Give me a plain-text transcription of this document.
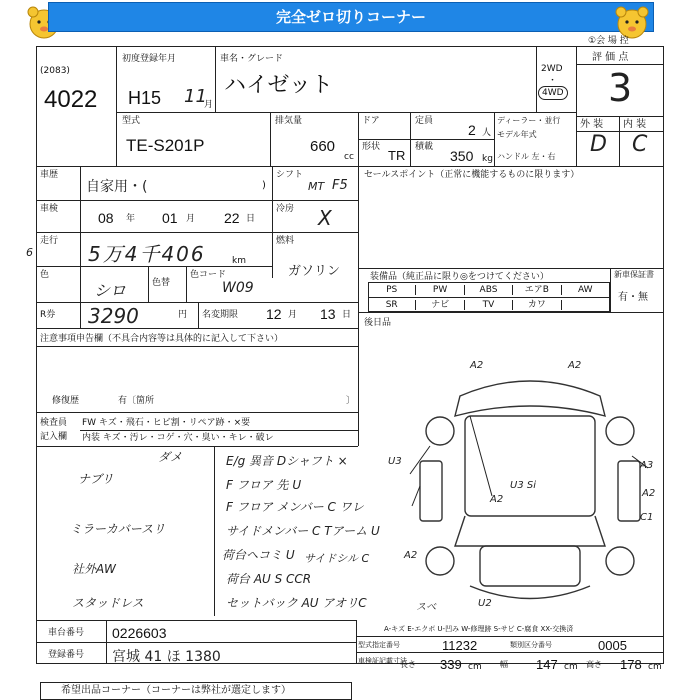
完全ゼロ切りコーナー
(2083)
4022
初度登録年月
H15 11
月
車名・グレード
ハイゼット
2WD
・
4WD
①会 場 控
評 価 点
3
外 装 内 装
D C
型式
TE-S201P
排気量
660
cc
ドア	定員
2 人
形状
TR
積載
350 kg
ディーラー・並行
モデル年式
ハンドル 左・右
車歴
自家用・(	)
シフト
MT F5
車検
08 年 01 月 22 日
冷房 X
走行
6	5万4千406	km
燃料
ガソリン
色
シロ	色替
色コード
W09
R券 3290	円 名変期限 12 月 13 日
セールスポイント（正常に機能するものに限ります）
装備品（純正品に限り◎をつけてください）	新車保証書
有・無
PS	PW	ABS	エアB	AW
SR	ナビ	TV	カワ
後日品
注意事項申告欄（不具合内容等は具体的に記入して下さい）
修復歴	有〔箇所	〕
検査員
記入欄
FW キズ・飛石・ヒビ割・リペア跡・×要
内装 キズ・汚レ・コゲ・穴・臭い・キレ・破レ
ダメ
ナブリ
ミラーカバースリ
社外AW
スタッドレス
E/g 異音 Dシャフト ×
F フロア 先 U
F フロア メンバー C ワレ
サイドメンバー C Tアーム U
荷台ヘコミ U
荷台 AU S CCR
セットバック AU アオリC
サイドシル C
A2	A2
U3
U3 Si
A2
A3
A2
C1
A2
U2
スベ
A-キズ E-エクボ U-凹み W-修理跡 S-サビ C-腐食 XX-交換済
車台番号 0226603
登録番号 宮城 41 ほ 1380
型式指定番号	11232	類別区分番号	0005
車検証記載寸法
長さ 339 cm 幅 147 cm 高さ 178 cm
希望出品コーナー（コーナーは弊社が選定します）
